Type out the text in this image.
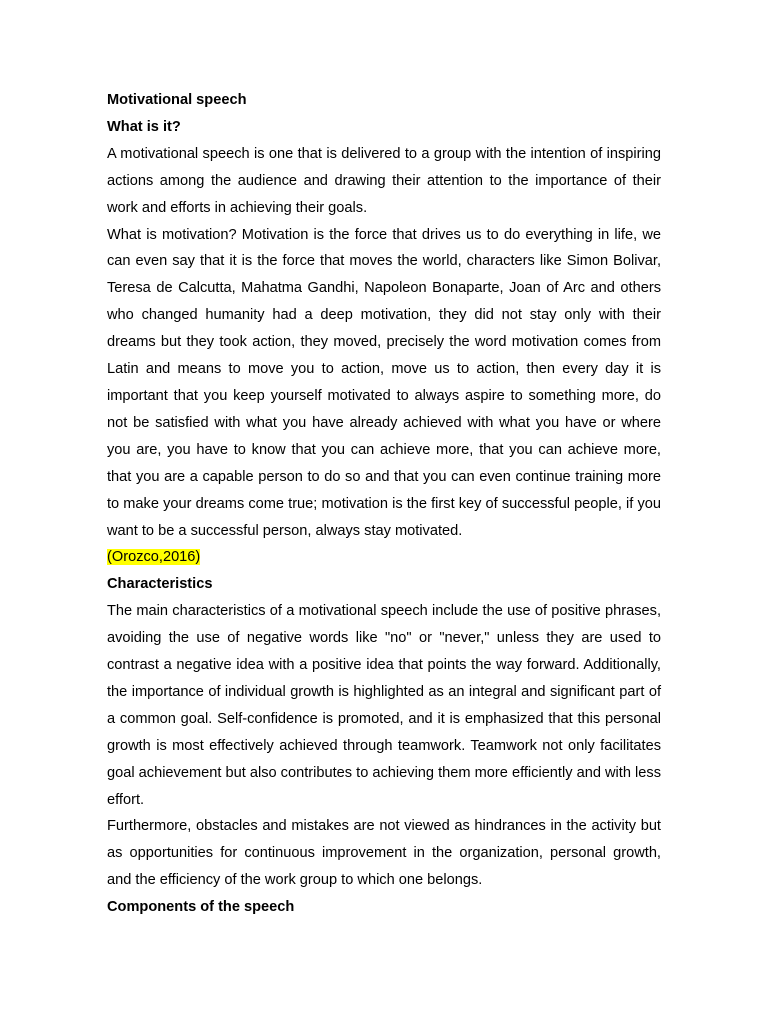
Motivational speech

What is it?

A motivational speech is one that is delivered to a group with the intention of inspiring actions among the audience and drawing their attention to the importance of their work and efforts in achieving their goals.

What is motivation? Motivation is the force that drives us to do everything in life, we can even say that it is the force that moves the world, characters like Simon Bolivar, Teresa de Calcutta, Mahatma Gandhi, Napoleon Bonaparte, Joan of Arc and others who changed humanity had a deep motivation, they did not stay only with their dreams but they took action, they moved, precisely the word motivation comes from Latin and means to move you to action, move us to action, then every day it is important that you keep yourself motivated to always aspire to something more, do not be satisfied with what you have already achieved with what you have or where you are, you have to know that you can achieve more, that you can achieve more, that you are a capable person to do so and that you can even continue training more to make your dreams come true; motivation is the first key of successful people, if you want to be a successful person, always stay motivated.

(Orozco,2016)

Characteristics

The main characteristics of a motivational speech include the use of positive phrases, avoiding the use of negative words like "no" or "never," unless they are used to contrast a negative idea with a positive idea that points the way forward. Additionally, the importance of individual growth is highlighted as an integral and significant part of a common goal. Self-confidence is promoted, and it is emphasized that this personal growth is most effectively achieved through teamwork. Teamwork not only facilitates goal achievement but also contributes to achieving them more efficiently and with less effort.

Furthermore, obstacles and mistakes are not viewed as hindrances in the activity but as opportunities for continuous improvement in the organization, personal growth, and the efficiency of the work group to which one belongs.

Components of the speech
